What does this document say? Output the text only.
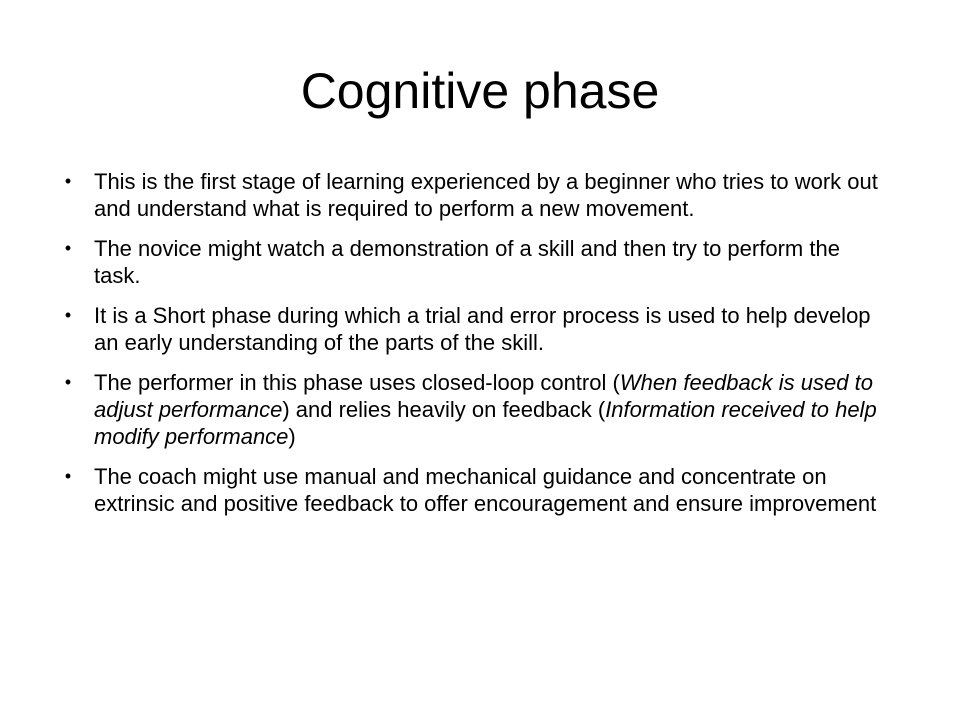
Cognitive phase
•	This is the first stage of learning experienced by a beginner who tries to work out and understand what is required to perform a new movement.
•	The novice might watch a demonstration of a skill and then try to perform the task.
•	It is a Short phase during which a trial and error process is used to help develop an early understanding of the parts of the skill.
•	The performer in this phase uses closed-loop control (When feedback is used to adjust performance) and relies heavily on feedback (Information received to help modify performance)
•	The coach might use manual and mechanical guidance and concentrate on extrinsic and positive feedback to offer encouragement and ensure improvement
